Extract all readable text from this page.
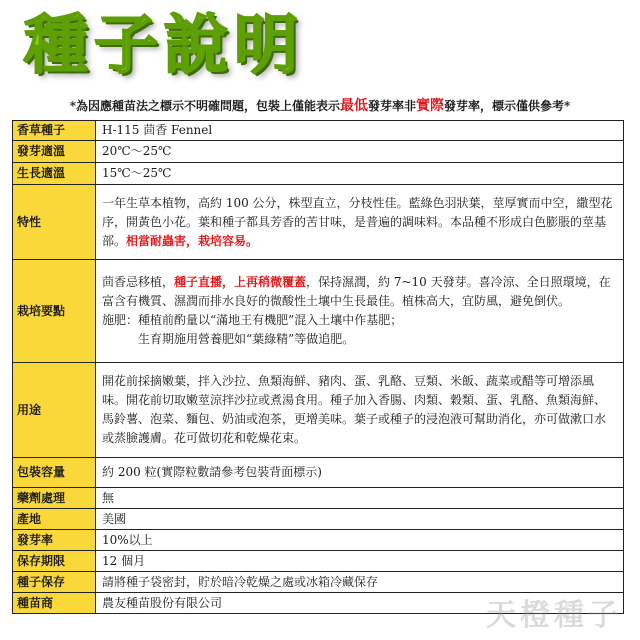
種子說明
*為因應種苗法之標示不明確問題，包裝上僅能表示最低發芽率非實際發芽率，標示僅供參考*
香草種子	H-115 茴香 Fennel
發芽適溫	20℃～25℃
生長適溫	15℃～25℃
特性	一年生草本植物，高約 100 公分，株型直立，分枝性佳。藍綠色羽狀葉，莖厚實而中空，繖型花序，開黃色小花。葉和種子都具芳香的苦甘味，是普遍的調味料。本品種不形成白色膨脹的莖基部。相當耐蟲害，栽培容易。
栽培要點	茴香忌移植，種子直播，上再稍微覆蓋，保持濕潤，約 7~10 天發芽。喜冷涼、全日照環境，在富含有機質、濕潤而排水良好的微酸性土壤中生長最佳。植株高大，宜防風，避免倒伏。
施肥：種植前酌量以“滿地王有機肥”混入土壤中作基肥；

生育期施用營養肥如“葉綠精”等做追肥。

用途	開花前採摘嫩葉，拌入沙拉、魚類海鮮、豬肉、蛋、乳酪、豆類、米飯、蔬菜或醋等可增添風味。開花前切取嫩莖涼拌沙拉或煮湯食用。種子加入香腸、肉類、穀類、蛋、乳酪、魚類海鮮、馬鈴薯、泡菜、麵包、奶油或泡茶，更增美味。葉子或種子的浸泡液可幫助消化，亦可做漱口水或蒸臉護膚。花可做切花和乾燥花束。
包裝容量	約 200 粒(實際粒數請參考包裝背面標示)
藥劑處理	無
產地	美國
發芽率	10%以上
保存期限	12 個月
種子保存	請將種子袋密封，貯於暗冷乾燥之處或冰箱冷藏保存
種苗商	農友種苗股份有限公司	天橙種子
